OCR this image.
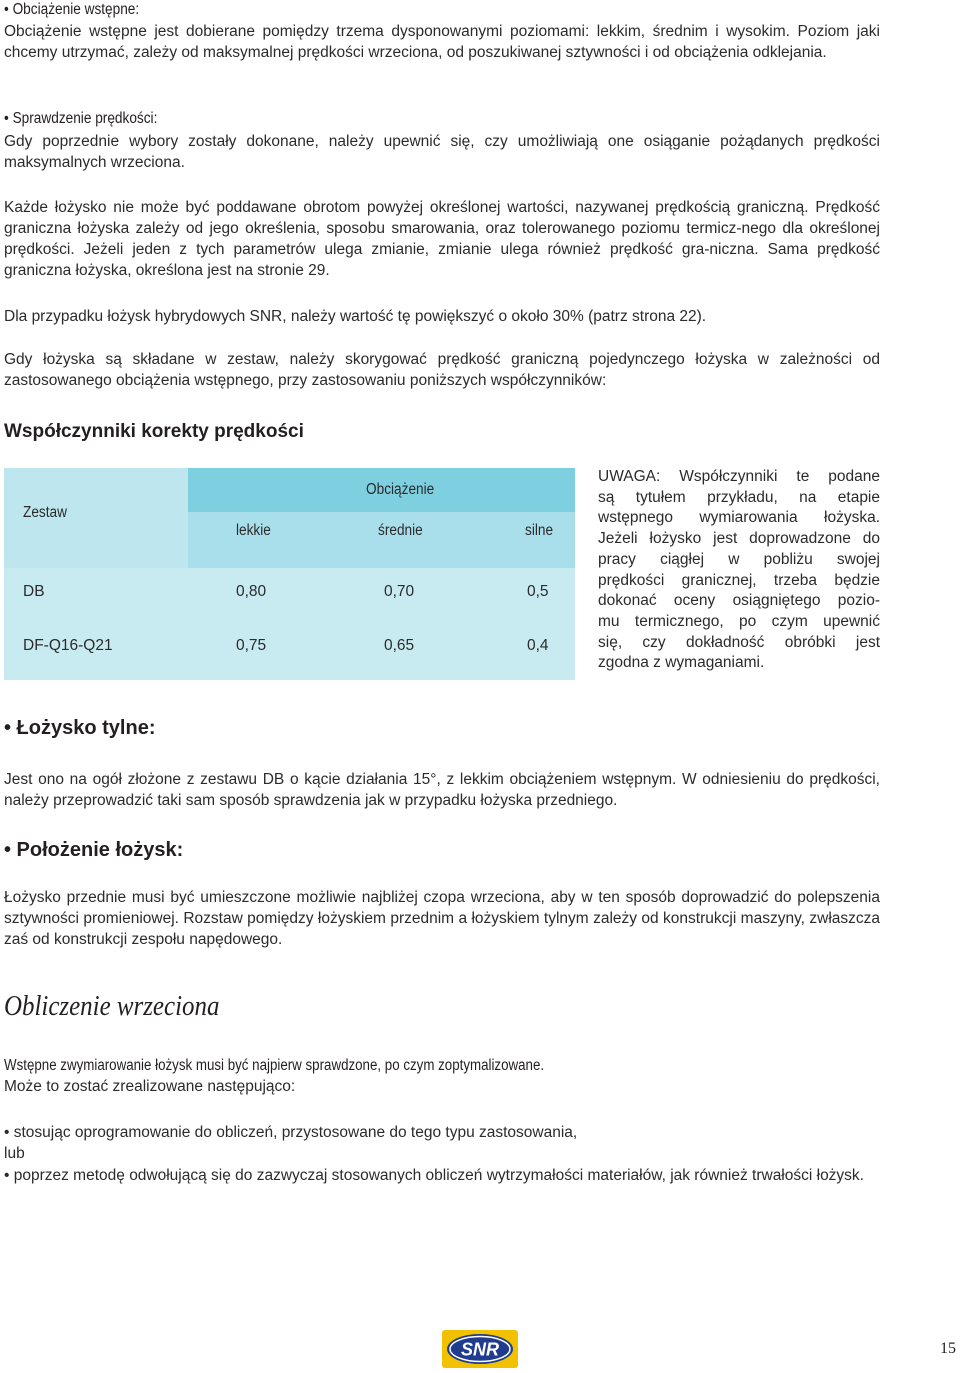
• Obciążenie wstępne:
Obciążenie wstępne jest dobierane pomiędzy trzema dysponowanymi poziomami: lekkim, średnim i wysokim. Poziom jaki chcemy utrzymać, zależy od maksymalnej prędkości wrzeciona, od poszukiwanej sztywności i od obciążenia odklejania.
• Sprawdzenie prędkości:
Gdy poprzednie wybory zostały dokonane, należy upewnić się, czy umożliwiają one osiąganie pożądanych prędkości maksymalnych wrzeciona.
Każde łożysko nie może być poddawane obrotom powyżej określonej wartości, nazywanej prędkością graniczną. Prędkość graniczna łożyska zależy od jego określenia, sposobu smarowania, oraz tolerowanego poziomu termicz-nego dla określonej prędkości. Jeżeli jeden z tych parametrów ulega zmianie, zmianie ulega również prędkość gra-niczna. Sama prędkość graniczna łożyska, określona jest na stronie 29.
Dla przypadku łożysk hybrydowych SNR, należy wartość tę powiększyć o około 30% (patrz strona 22).
Gdy łożyska są składane w zestaw, należy skorygować prędkość graniczną pojedynczego łożyska w zależności od zastosowanego obciążenia wstępnego, przy zastosowaniu poniższych współczynników:
Współczynniki korekty prędkości
Zestaw
Obciążenie
lekkie	średnie	silne
DB	0,80	0,70	0,5
DF-Q16-Q21	0,75	0,65	0,4
UWAGA: Współczynniki te podane
są tytułem przykładu, na etapie
wstępnego wymiarowania łożyska.
Jeżeli łożysko jest doprowadzone do
pracy ciągłej w pobliżu swojej
prędkości granicznej, trzeba będzie
dokonać oceny osiągniętego pozio-
mu termicznego, po czym upewnić
się, czy dokładność obróbki jest
zgodna z wymaganiami.
• Łożysko tylne:
Jest ono na ogół złożone z zestawu DB o kącie działania 15°, z lekkim obciążeniem wstępnym. W odniesieniu do prędkości, należy przeprowadzić taki sam sposób sprawdzenia jak w przypadku łożyska przedniego.
• Położenie łożysk:
Łożysko przednie musi być umieszczone możliwie najbliżej czopa wrzeciona, aby w ten sposób doprowadzić do polepszenia sztywności promieniowej. Rozstaw pomiędzy łożyskiem przednim a łożyskiem tylnym zależy od konstrukcji maszyny, zwłaszcza zaś od konstrukcji zespołu napędowego.
Obliczenie wrzeciona
Wstępne zwymiarowanie łożysk musi być najpierw sprawdzone, po czym zoptymalizowane.
Może to zostać zrealizowane następująco:
• stosując oprogramowanie do obliczeń, przystosowane do tego typu zastosowania,
lub
• poprzez metodę odwołującą się do zazwyczaj stosowanych obliczeń wytrzymałości materiałów, jak również trwałości łożysk.
SNR	15
